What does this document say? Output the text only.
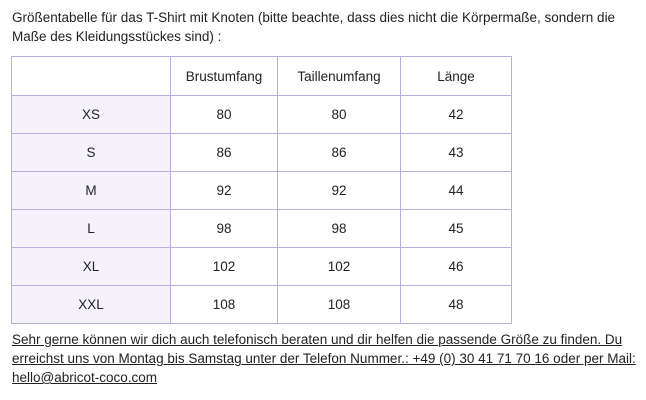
Größentabelle für das T-Shirt mit Knoten (bitte beachte, dass dies nicht die Körpermaße, sondern die Maße des Kleidungsstückes sind) :

	Brustumfang	Taillenumfang	Länge
XS	80	80	42
S	86	86	43
M	92	92	44
L	98	98	45
XL	102	102	46
XXL	108	108	48

Sehr gerne können wir dich auch telefonisch beraten und dir helfen die passende Größe zu finden. Du erreichst uns von Montag bis Samstag unter der Telefon Nummer.: +49 (0) 30 41 71 70 16 oder per Mail: hello@abricot-coco.com
